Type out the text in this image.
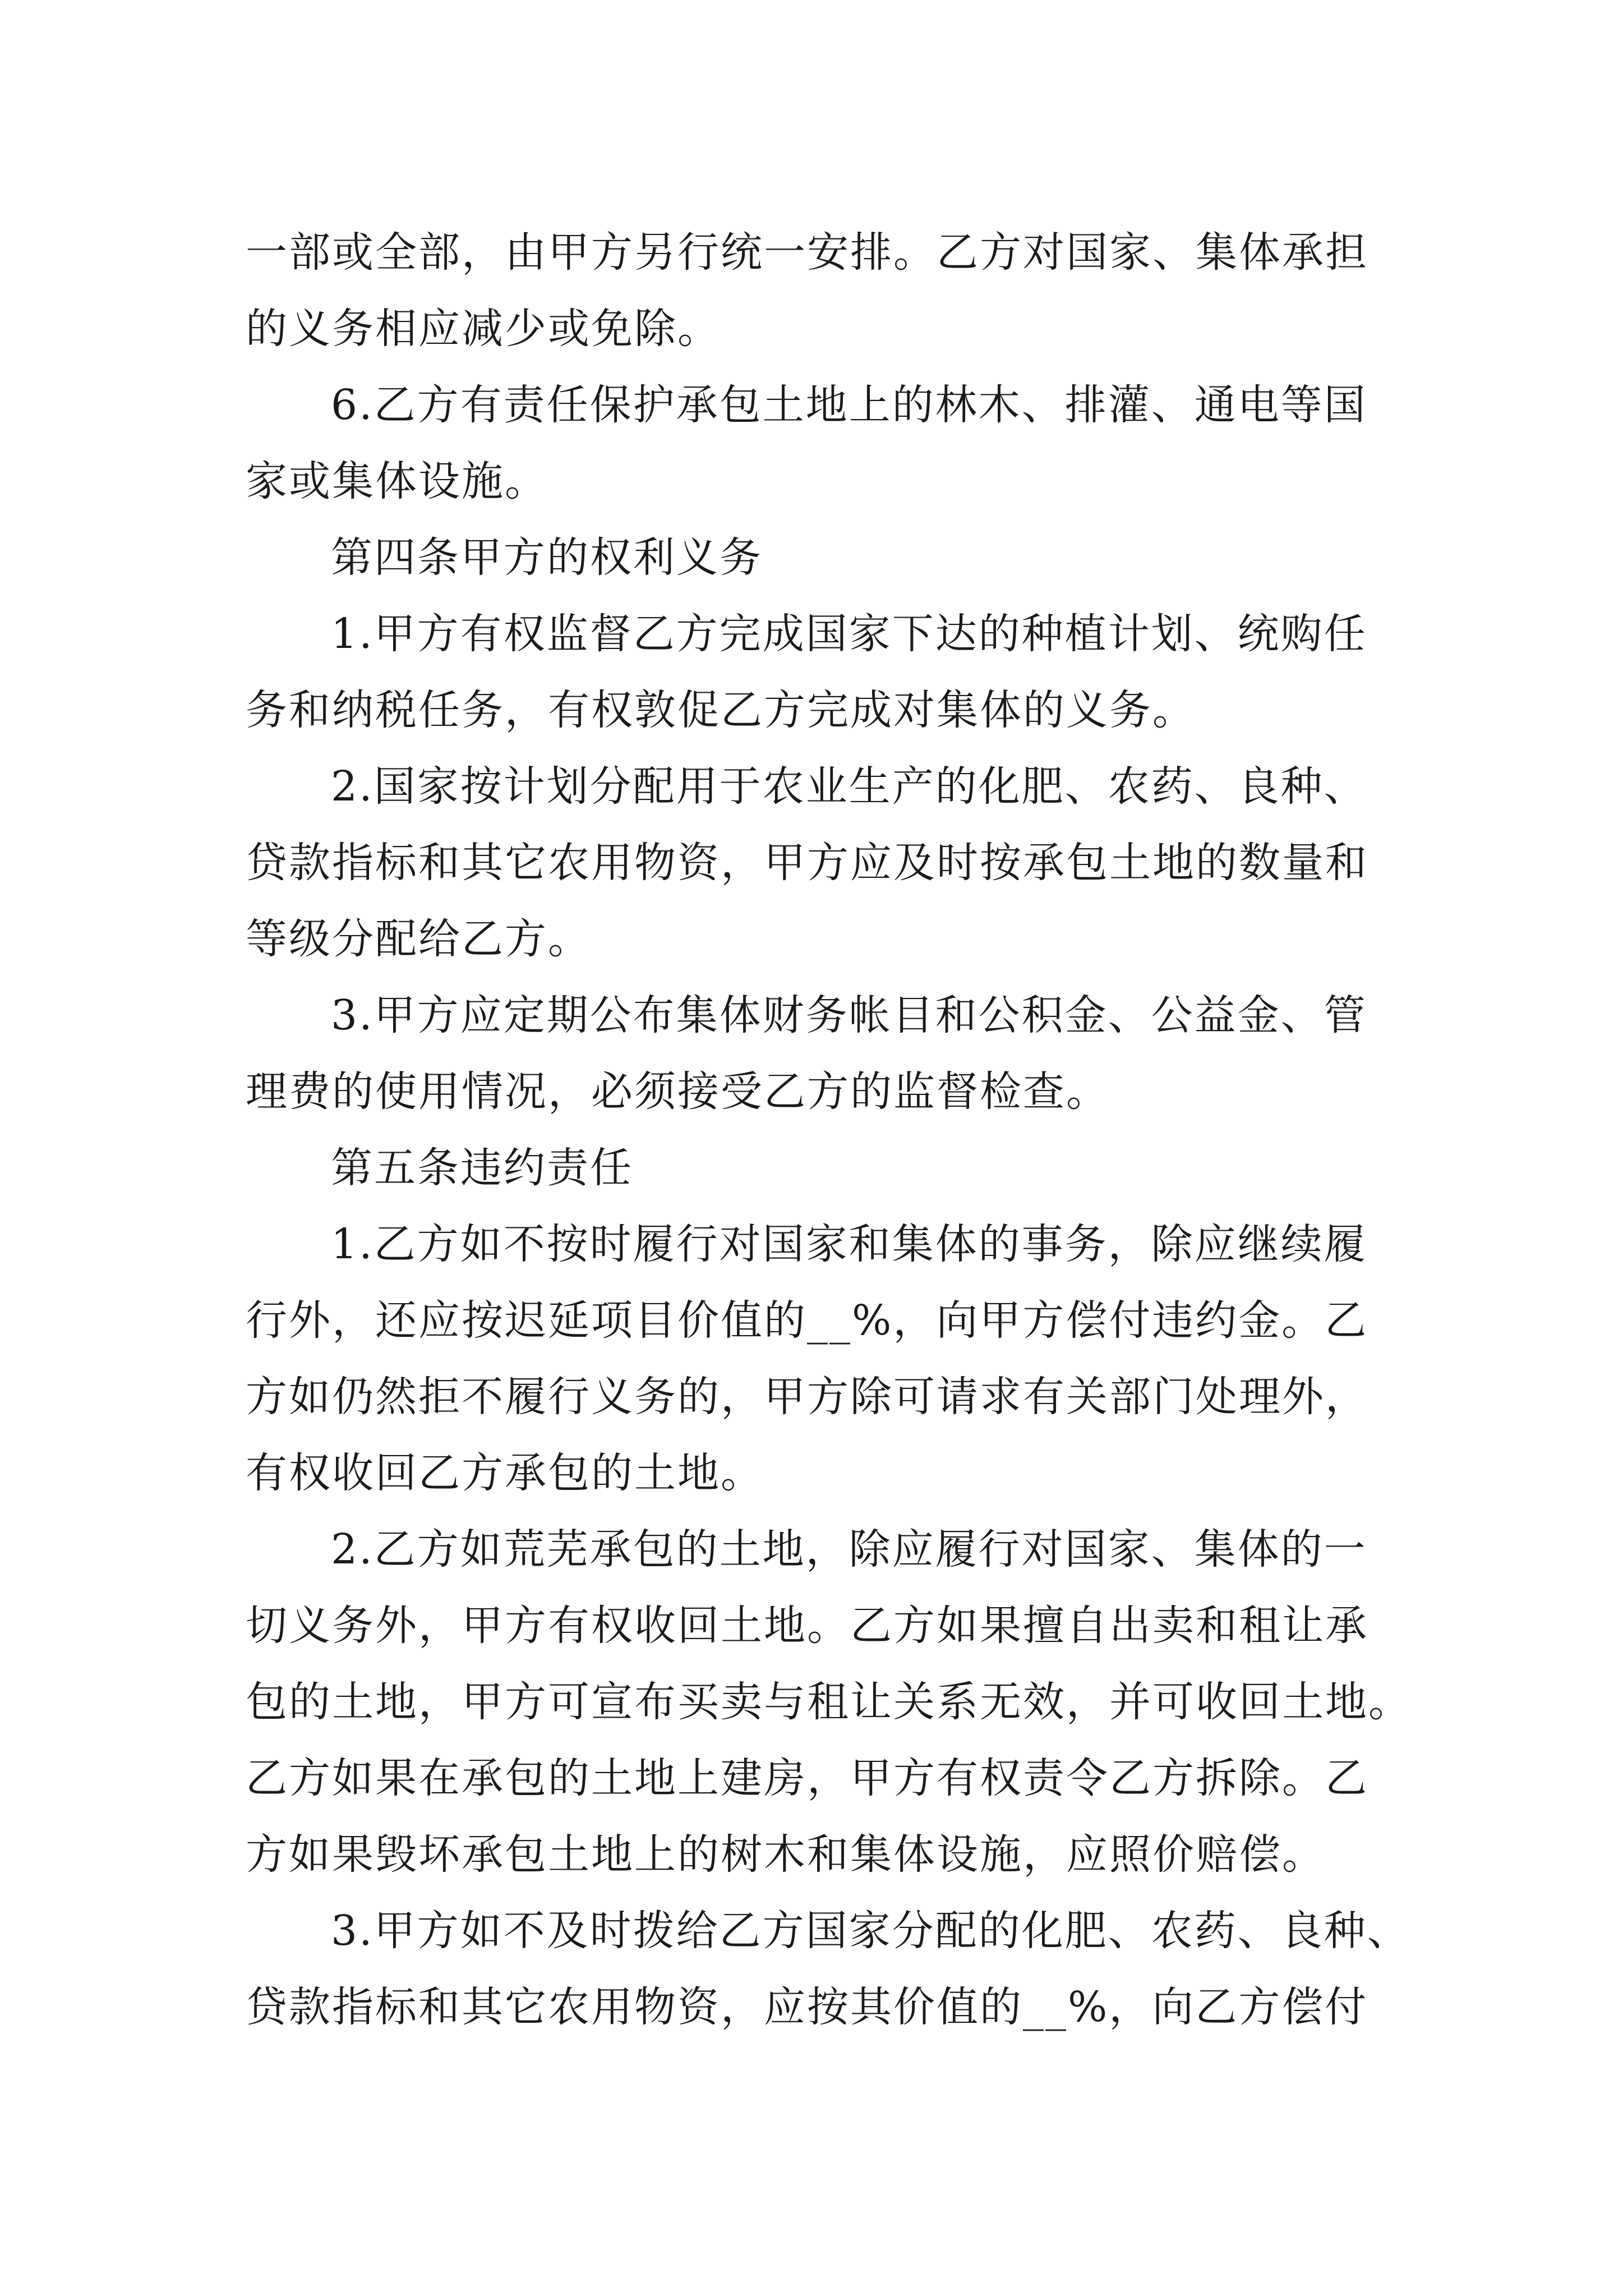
一部或全部，由甲方另行统一安排。乙方对国家、集体承担
的义务相应减少或免除。
6.乙方有责任保护承包土地上的林木、排灌、通电等国
家或集体设施。
第四条甲方的权利义务
1.甲方有权监督乙方完成国家下达的种植计划、统购任
务和纳税任务，有权敦促乙方完成对集体的义务。
2.国家按计划分配用于农业生产的化肥、农药、良种、
贷款指标和其它农用物资，甲方应及时按承包土地的数量和
等级分配给乙方。
3.甲方应定期公布集体财务帐目和公积金、公益金、管
理费的使用情况，必须接受乙方的监督检查。
第五条违约责任
1.乙方如不按时履行对国家和集体的事务，除应继续履
行外，还应按迟延项目价值的__%，向甲方偿付违约金。乙
方如仍然拒不履行义务的，甲方除可请求有关部门处理外，
有权收回乙方承包的土地。
2.乙方如荒芜承包的土地，除应履行对国家、集体的一
切义务外，甲方有权收回土地。乙方如果擅自出卖和租让承
包的土地，甲方可宣布买卖与租让关系无效，并可收回土地。
乙方如果在承包的土地上建房，甲方有权责令乙方拆除。乙
方如果毁坏承包土地上的树木和集体设施，应照价赔偿。
3.甲方如不及时拨给乙方国家分配的化肥、农药、良种、
贷款指标和其它农用物资，应按其价值的__%，向乙方偿付
